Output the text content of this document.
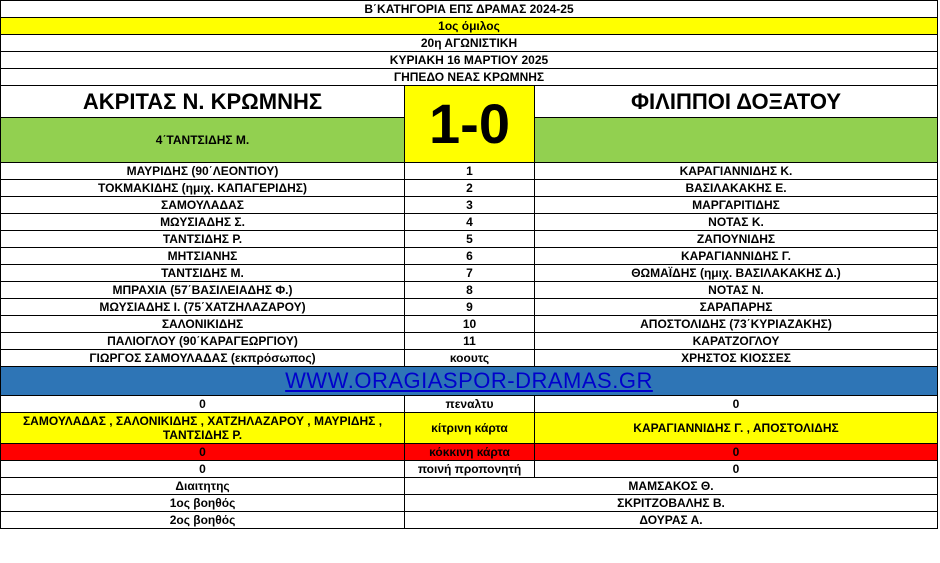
Β΄ΚΑΤΗΓΟΡΙΑ ΕΠΣ ΔΡΑΜΑΣ 2024-25		
1ος όμιλος		
20η ΑΓΩΝΙΣΤΙΚΗ		
ΚΥΡΙΑΚΗ 16 ΜΑΡΤΙΟΥ 2025		
ΓΗΠΕΔΟ ΝΕΑΣ ΚΡΩΜΝΗΣ		
ΑΚΡΙΤΑΣ Ν. ΚΡΩΜΝΗΣ	1-0	ΦΙΛΙΠΠΟΙ ΔΟΞΑΤΟΥ
4΄ΤΑΝΤΣΙΔΗΣ Μ.		
ΜΑΥΡΙΔΗΣ (90΄ΛΕΟΝΤΙΟΥ)	1	ΚΑΡΑΓΙΑΝΝΙΔΗΣ Κ.
ΤΟΚΜΑΚΙΔΗΣ (ημιχ. ΚΑΠΑΓΕΡΙΔΗΣ)	2	ΒΑΣΙΛΑΚΑΚΗΣ Ε.
ΣΑΜΟΥΛΑΔΑΣ	3	ΜΑΡΓΑΡΙΤΙΔΗΣ
ΜΩΥΣΙΑΔΗΣ Σ.	4	ΝΟΤΑΣ Κ.
ΤΑΝΤΣΙΔΗΣ Ρ.	5	ΖΑΠΟΥΝΙΔΗΣ
ΜΗΤΣΙΑΝΗΣ	6	ΚΑΡΑΓΙΑΝΝΙΔΗΣ Γ.
ΤΑΝΤΣΙΔΗΣ Μ.	7	ΘΩΜΑΪΔΗΣ (ημιχ. ΒΑΣΙΛΑΚΑΚΗΣ Δ.)
ΜΠΡΑΧΙΑ (57΄ΒΑΣΙΛΕΙΑΔΗΣ Φ.)	8	ΝΟΤΑΣ Ν.
ΜΩΥΣΙΑΔΗΣ Ι. (75΄ΧΑΤΖΗΛΑΖΑΡΟΥ)	9	ΣΑΡΑΠΑΡΗΣ
ΣΑΛΟΝΙΚΙΔΗΣ	10	ΑΠΟΣΤΟΛΙΔΗΣ (73΄ΚΥΡΙΑΖΑΚΗΣ)
ΠΑΛΙΟΓΛΟΥ (90΄ΚΑΡΑΓΕΩΡΓΙΟΥ)	11	ΚΑΡΑΤΖΟΓΛΟΥ
ΓΙΩΡΓΟΣ ΣΑΜΟΥΛΑΔΑΣ (εκπρόσωπος)	κοουτς	ΧΡΗΣΤΟΣ ΚΙΟΣΣΕΣ
WWW.ORAGIASPOR-DRAMAS.GR		
0	πεναλτυ	0
ΣΑΜΟΥΛΑΔΑΣ , ΣΑΛΟΝΙΚΙΔΗΣ , ΧΑΤΖΗΛΑΖΑΡΟΥ , ΜΑΥΡΙΔΗΣ , ΤΑΝΤΣΙΔΗΣ Ρ.	κίτρινη κάρτα	ΚΑΡΑΓΙΑΝΝΙΔΗΣ Γ. , ΑΠΟΣΤΟΛΙΔΗΣ
0	κόκκινη κάρτα	0
0	ποινή προπονητή	0
Διαιτητης	ΜΑΜΣΑΚΟΣ Θ.	
1ος βοηθός	ΣΚΡΙΤΖΟΒΑΛΗΣ Β.	
2ος βοηθός	ΔΟΥΡΑΣ Α.	
